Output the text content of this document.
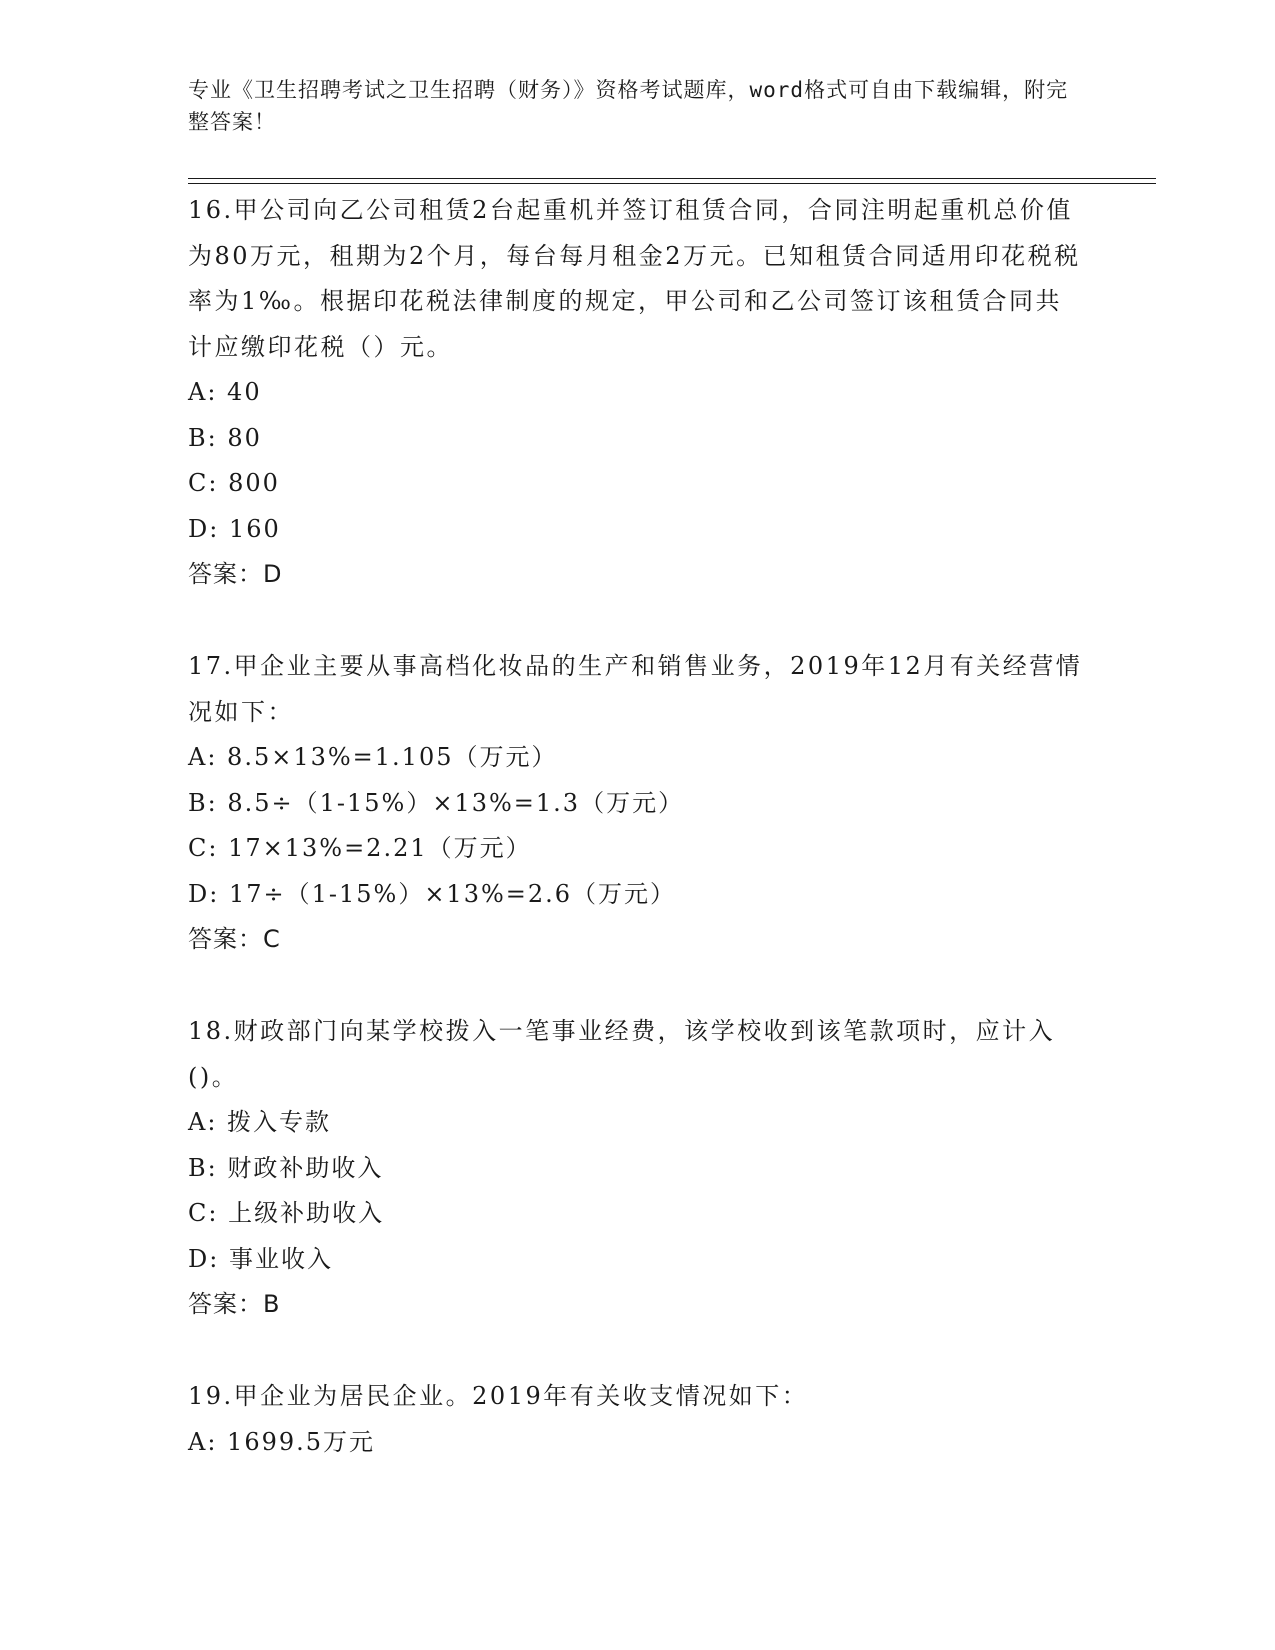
专业《卫生招聘考试之卫生招聘（财务）》资格考试题库，word格式可自由下载编辑，附完整答案！

16.甲公司向乙公司租赁2台起重机并签订租赁合同，合同注明起重机总价值为80万元，租期为2个月，每台每月租金2万元。已知租赁合同适用印花税税率为1‰。根据印花税法律制度的规定，甲公司和乙公司签订该租赁合同共计应缴印花税（）元。

A: 40

B: 80

C: 800

D: 160

答案：D

17.甲企业主要从事高档化妆品的生产和销售业务，2019年12月有关经营情况如下：

A: 8.5×13%=1.105（万元）

B: 8.5÷（1-15%）×13%=1.3（万元）

C: 17×13%=2.21（万元）

D: 17÷（1-15%）×13%=2.6（万元）

答案：C

18.财政部门向某学校拨入一笔事业经费，该学校收到该笔款项时，应计入()。

A: 拨入专款

B: 财政补助收入

C: 上级补助收入

D: 事业收入

答案：B

19.甲企业为居民企业。2019年有关收支情况如下：

A: 1699.5万元
